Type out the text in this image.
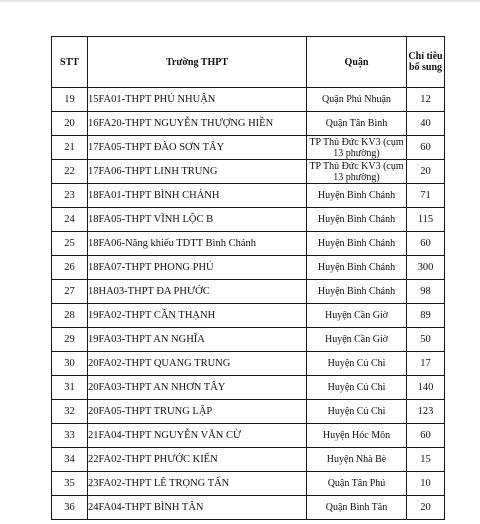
STT	Trường THPT	Quận	Chỉ tiêu bổ sung
19	15FA01-THPT PHÚ NHUẬN	Quận Phú Nhuận	12
20	16FA20-THPT NGUYỄN THƯỢNG HIỀN	Quận Tân Bình	40
21	17FA05-THPT ĐÀO SƠN TÂY	TP Thủ Đức KV3 (cụm 13 phường)	60
22	17FA06-THPT LINH TRUNG	TP Thủ Đức KV3 (cụm 13 phường)	20
23	18FA01-THPT BÌNH CHÁNH	Huyện Bình Chánh	71
24	18FA05-THPT VĨNH LỘC B	Huyện Bình Chánh	115
25	18FA06-Năng khiếu TDTT Bình Chánh	Huyện Bình Chánh	60
26	18FA07-THPT PHONG PHÚ	Huyện Bình Chánh	300
27	18HA03-THPT ĐA PHƯỚC	Huyện Bình Chánh	98
28	19FA02-THPT CẦN THẠNH	Huyện Cần Giờ	89
29	19FA03-THPT AN NGHĨA	Huyện Cần Giờ	50
30	20FA02-THPT QUANG TRUNG	Huyện Củ Chi	17
31	20FA03-THPT AN NHƠN TÂY	Huyện Củ Chi	140
32	20FA05-THPT TRUNG LẬP	Huyện Củ Chi	123
33	21FA04-THPT NGUYỄN VĂN CỪ	Huyện Hóc Môn	60
34	22FA02-THPT PHƯỚC KIẾN	Huyện Nhà Bè	15
35	23FA02-THPT LÊ TRỌNG TẤN	Quận Tân Phú	10
36	24FA04-THPT BÌNH TÂN	Quận Bình Tân	20
